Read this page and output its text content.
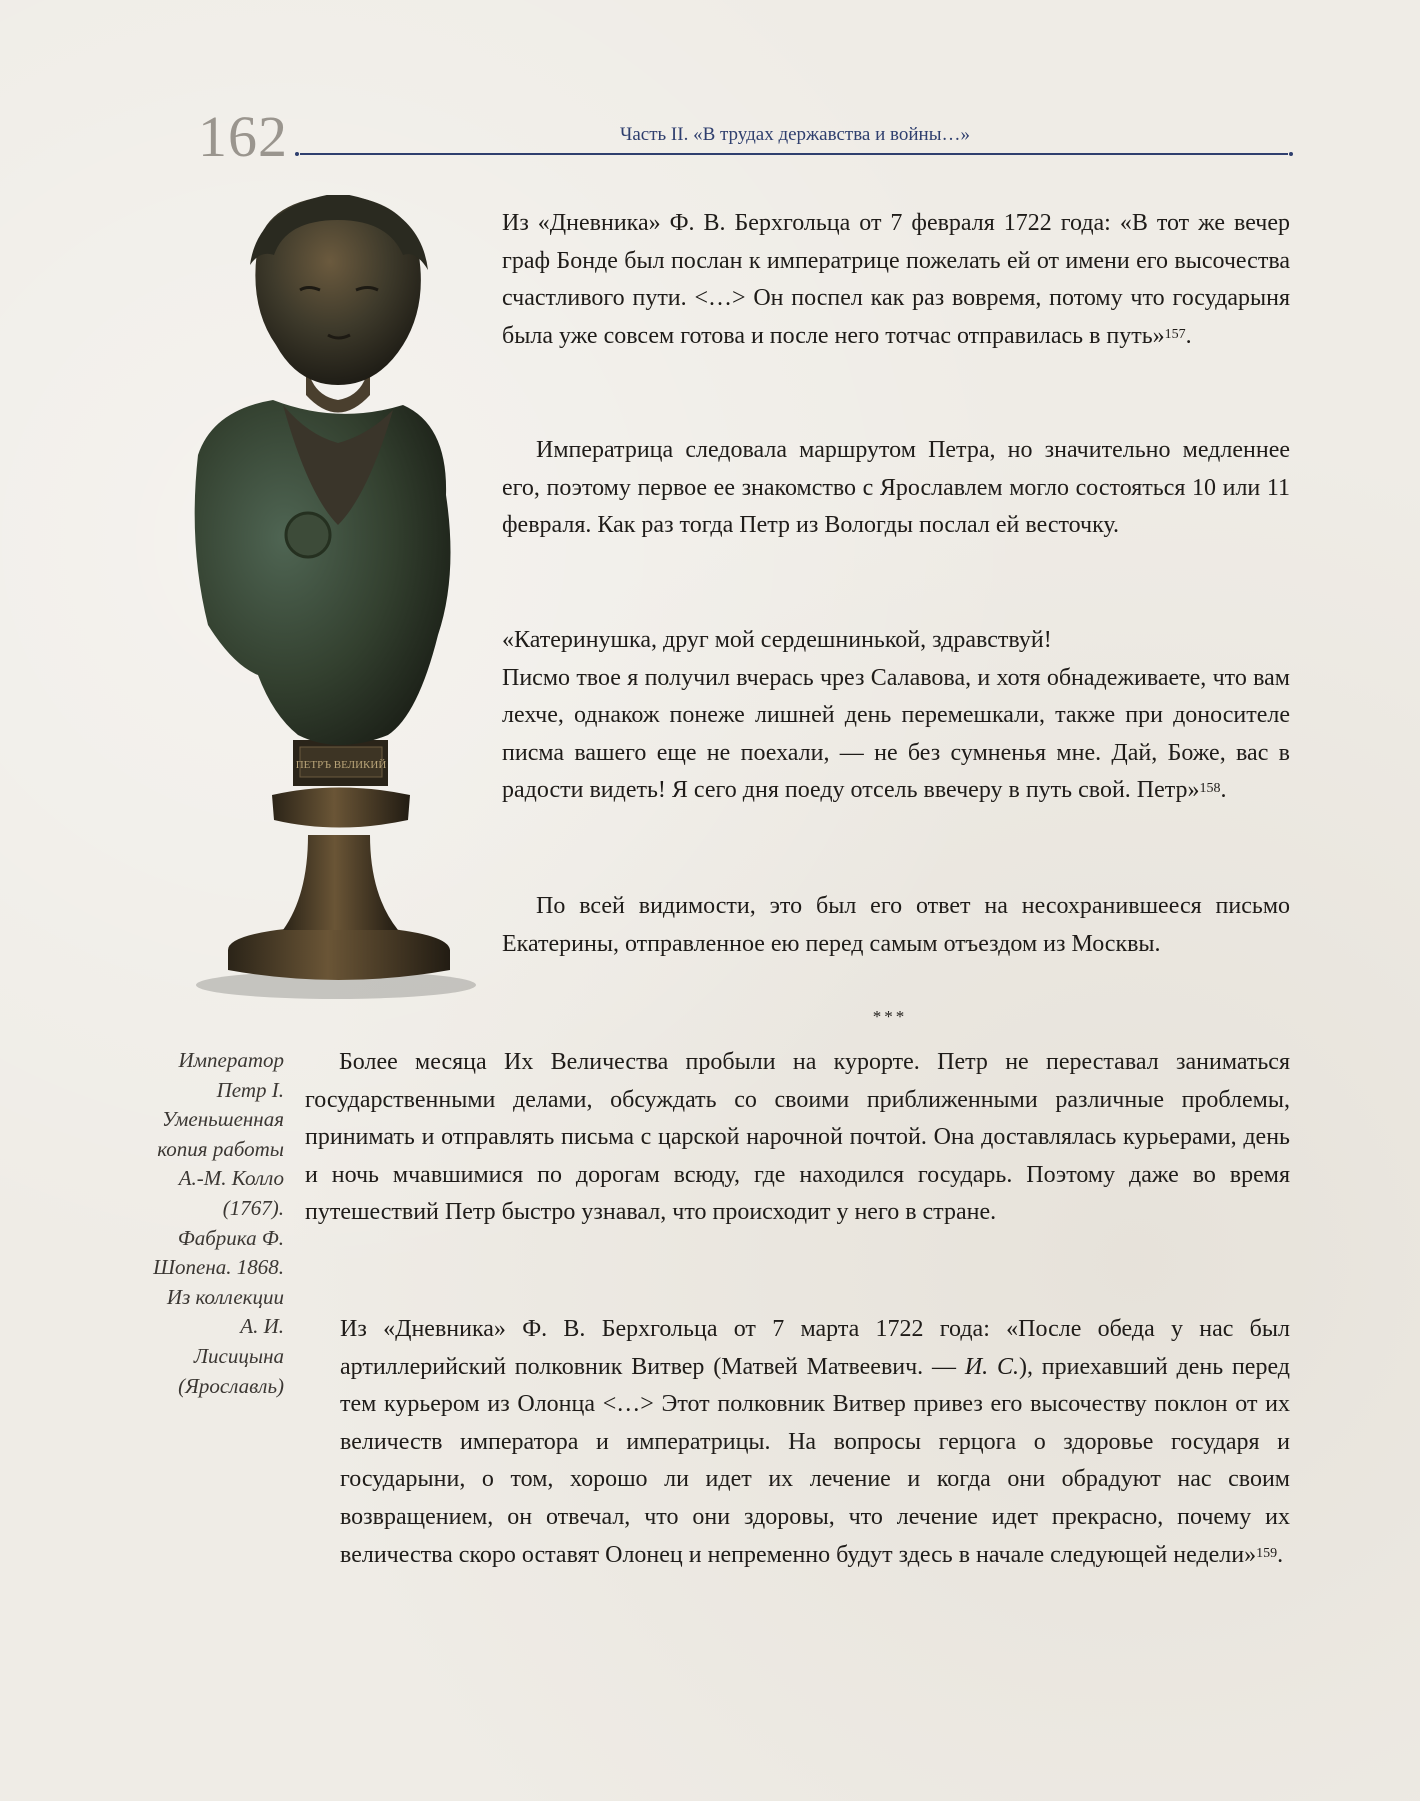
162	Часть II. «В трудах державства и войны…»
ПЕТРЪ ВЕЛИКИЙ
Император Петр I. Уменьшенная копия работы А.-М. Колло (1767). Фабрика Ф. Шопена. 1868. Из коллекции А. И. Лисицына (Ярославль)

Из «Дневника» Ф. В. Берхгольца от 7 февраля 1722 года: «В тот же вечер граф Бонде был послан к императрице пожелать ей от имени его высочества счастливого пути. <…> Он поспел как раз вовремя, потому что государыня была уже совсем готова и после него тотчас отправилась в путь»$^{157}$.

Императрица следовала маршрутом Петра, но значительно медленнее его, поэтому первое ее знакомство с Ярославлем могло состояться 10 или 11 февраля. Как раз тогда Петр из Вологды послал ей весточку.

«Катеринушка, друг мой сердешнинькой, здравствуй!
Писмо твое я получил вчерась чрез Салавова, и хотя обнадеживаете, что вам лехче, однакож понеже лишней день перемешкали, также при доносителе писма вашего еще не поехали, — не без сумненья мне. Дай, Боже, вас в радости видеть! Я сего дня поеду отсель ввечеру в путь свой. Петр»$^{158}$.

По всей видимости, это был его ответ на несохранившееся письмо Екатерины, отправленное ею перед самым отъездом из Москвы.

***

Более месяца Их Величества пробыли на курорте. Петр не переставал заниматься государственными делами, обсуждать со своими приближенными различные проблемы, принимать и отправлять письма с царской нарочной почтой. Она доставлялась курьерами, день и ночь мчавшимися по дорогам всюду, где находился государь. Поэтому даже во время путешествий Петр быстро узнавал, что происходит у него в стране.

Из «Дневника» Ф. В. Берхгольца от 7 марта 1722 года: «После обеда у нас был артиллерийский полковник Витвер (Матвей Матвеевич. — И. С.), приехавший день перед тем курьером из Олонца <…> Этот полковник Витвер привез его высочеству поклон от их величеств императора и императрицы. На вопросы герцога о здоровье государя и государыни, о том, хорошо ли идет их лечение и когда они обрадуют нас своим возвращением, он отвечал, что они здоровы, что лечение идет прекрасно, почему их величества скоро оставят Олонец и непременно будут здесь в начале следующей недели»$^{159}$.
